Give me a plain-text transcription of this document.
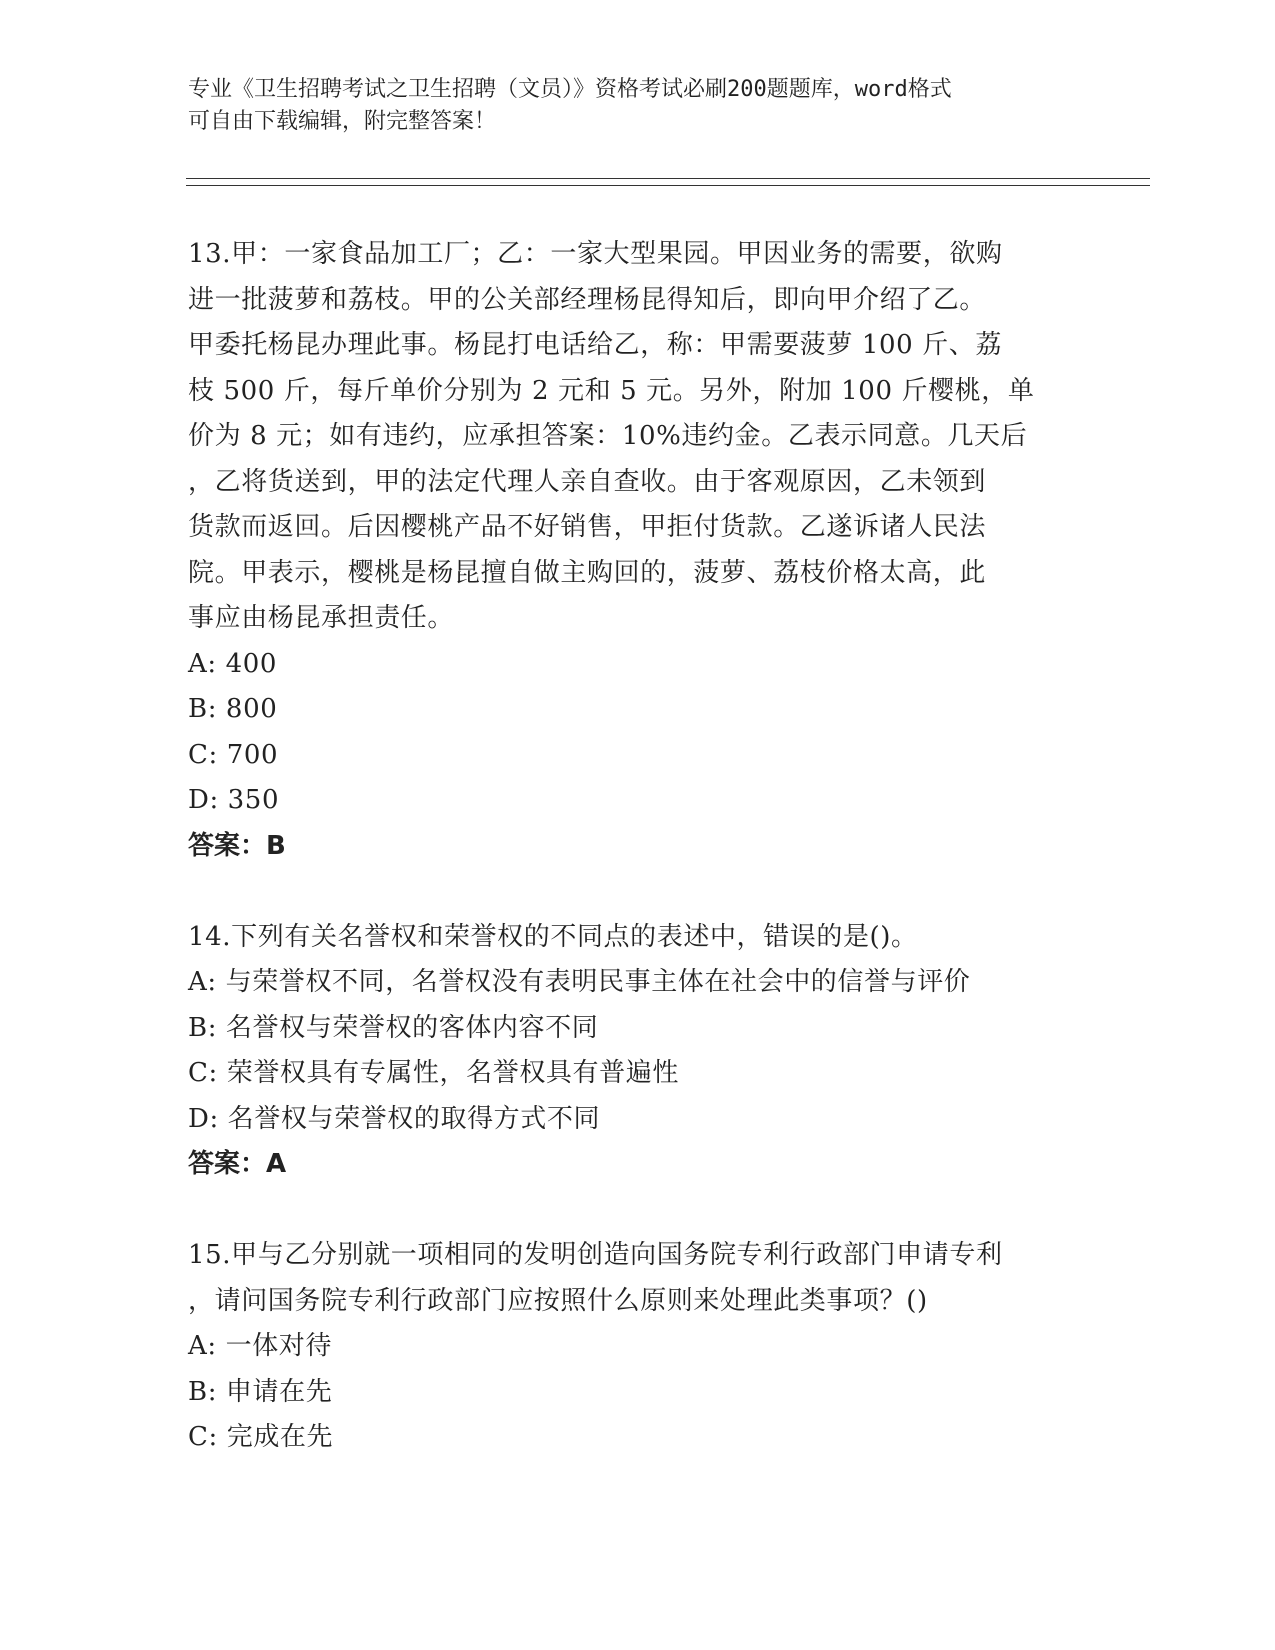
专业《卫生招聘考试之卫生招聘（文员）》资格考试必刷200题题库，word格式

可自由下载编辑，附完整答案！

13.甲：一家食品加工厂；乙：一家大型果园。甲因业务的需要，欲购
进一批菠萝和荔枝。甲的公关部经理杨昆得知后，即向甲介绍了乙。
甲委托杨昆办理此事。杨昆打电话给乙，称：甲需要菠萝 100 斤、荔
枝 500 斤，每斤单价分别为 2 元和 5 元。另外，附加 100 斤樱桃，单
价为 8 元；如有违约，应承担答案：10%违约金。乙表示同意。几天后
，乙将货送到，甲的法定代理人亲自查收。由于客观原因，乙未领到
货款而返回。后因樱桃产品不好销售，甲拒付货款。乙遂诉诸人民法
院。甲表示，樱桃是杨昆擅自做主购回的，菠萝、荔枝价格太高，此
事应由杨昆承担责任。
A: 400
B: 800
C: 700
D: 350
答案：B
14.下列有关名誉权和荣誉权的不同点的表述中，错误的是()。
A: 与荣誉权不同，名誉权没有表明民事主体在社会中的信誉与评价
B: 名誉权与荣誉权的客体内容不同
C: 荣誉权具有专属性，名誉权具有普遍性
D: 名誉权与荣誉权的取得方式不同
答案：A
15.甲与乙分别就一项相同的发明创造向国务院专利行政部门申请专利
，请问国务院专利行政部门应按照什么原则来处理此类事项？()
A: 一体对待
B: 申请在先
C: 完成在先
